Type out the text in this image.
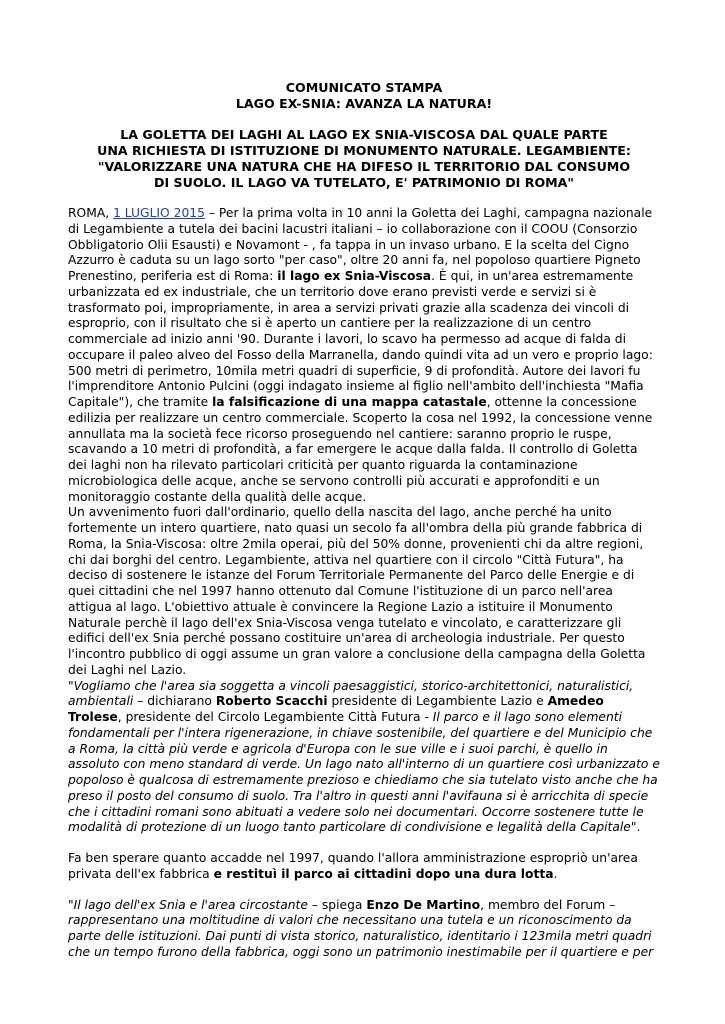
COMUNICATO STAMPA
LAGO EX-SNIA: AVANZA LA NATURA!
LA GOLETTA DEI LAGHI AL LAGO EX SNIA-VISCOSA DAL QUALE PARTE
UNA RICHIESTA DI ISTITUZIONE DI MONUMENTO NATURALE. LEGAMBIENTE:
"VALORIZZARE UNA NATURA CHE HA DIFESO IL TERRITORIO DAL CONSUMO
DI SUOLO. IL LAGO VA TUTELATO, E' PATRIMONIO DI ROMA"

ROMA, 1 LUGLIO 2015 – Per la prima volta in 10 anni la Goletta dei Laghi, campagna nazionale di Legambiente a tutela dei bacini lacustri italiani – io collaborazione con il COOU (Consorzio Obbligatorio Olii Esausti) e Novamont - , fa tappa in un invaso urbano. E la scelta del Cigno Azzurro è caduta su un lago sorto "per caso", oltre 20 anni fa, nel popoloso quartiere Pigneto Prenestino, periferia est di Roma: il lago ex Snia-Viscosa. È qui, in un'area estremamente urbanizzata ed ex industriale, che un territorio dove erano previsti verde e servizi si è trasformato poi, impropriamente, in area a servizi privati grazie alla scadenza dei vincoli di esproprio, con il risultato che si è aperto un cantiere per la realizzazione di un centro commerciale ad inizio anni '90. Durante i lavori, lo scavo ha permesso ad acque di falda di occupare il paleo alveo del Fosso della Marranella, dando quindi vita ad un vero e proprio lago: 500 metri di perimetro, 10mila metri quadri di superficie, 9 di profondità. Autore dei lavori fu l'imprenditore Antonio Pulcini (oggi indagato insieme al figlio nell'ambito dell'inchiesta "Mafia Capitale"), che tramite la falsificazione di una mappa catastale, ottenne la concessione edilizia per realizzare un centro commerciale. Scoperto la cosa nel 1992, la concessione venne annullata ma la società fece ricorso proseguendo nel cantiere: saranno proprio le ruspe, scavando a 10 metri di profondità, a far emergere le acque dalla falda. Il controllo di Goletta dei laghi non ha rilevato particolari criticità per quanto riguarda la contaminazione microbiologica delle acque, anche se servono controlli più accurati e approfonditi e un monitoraggio costante della qualità delle acque.

Un avvenimento fuori dall'ordinario, quello della nascita del lago, anche perché ha unito fortemente un intero quartiere, nato quasi un secolo fa all'ombra della più grande fabbrica di Roma, la Snia-Viscosa: oltre 2mila operai, più del 50% donne, provenienti chi da altre regioni, chi dai borghi del centro. Legambiente, attiva nel quartiere con il circolo "Città Futura", ha deciso di sostenere le istanze del Forum Territoriale Permanente del Parco delle Energie e di quei cittadini che nel 1997 hanno ottenuto dal Comune l'istituzione di un parco nell'area attigua al lago. L'obiettivo attuale è convincere la Regione Lazio a istituire il Monumento Naturale perchè il lago dell'ex Snia-Viscosa venga tutelato e vincolato, e caratterizzare gli edifici dell'ex Snia perché possano costituire un'area di archeologia industriale. Per questo l'incontro pubblico di oggi assume un gran valore a conclusione della campagna della Goletta dei Laghi nel Lazio.

"Vogliamo che l'area sia soggetta a vincoli paesaggistici, storico-architettonici, naturalistici, ambientali – dichiarano Roberto Scacchi presidente di Legambiente Lazio e Amedeo Trolese, presidente del Circolo Legambiente Città Futura - Il parco e il lago sono elementi fondamentali per l'intera rigenerazione, in chiave sostenibile, del quartiere e del Municipio che a Roma, la città più verde e agricola d'Europa con le sue ville e i suoi parchi, è quello in assoluto con meno standard di verde. Un lago nato all'interno di un quartiere così urbanizzato e popoloso è qualcosa di estremamente prezioso e chiediamo che sia tutelato visto anche che ha preso il posto del consumo di suolo. Tra l'altro in questi anni l'avifauna si è arricchita di specie che i cittadini romani sono abituati a vedere solo nei documentari. Occorre sostenere tutte le modalità di protezione di un luogo tanto particolare di condivisione e legalità della Capitale".

Fa ben sperare quanto accadde nel 1997, quando l'allora amministrazione espropriò un'area privata dell'ex fabbrica e restituì il parco ai cittadini dopo una dura lotta.

"Il lago dell'ex Snia e l'area circostante – spiega Enzo De Martino, membro del Forum – rappresentano una moltitudine di valori che necessitano una tutela e un riconoscimento da parte delle istituzioni. Dai punti di vista storico, naturalistico, identitario i 123mila metri quadri che un tempo furono della fabbrica, oggi sono un patrimonio inestimabile per il quartiere e per
